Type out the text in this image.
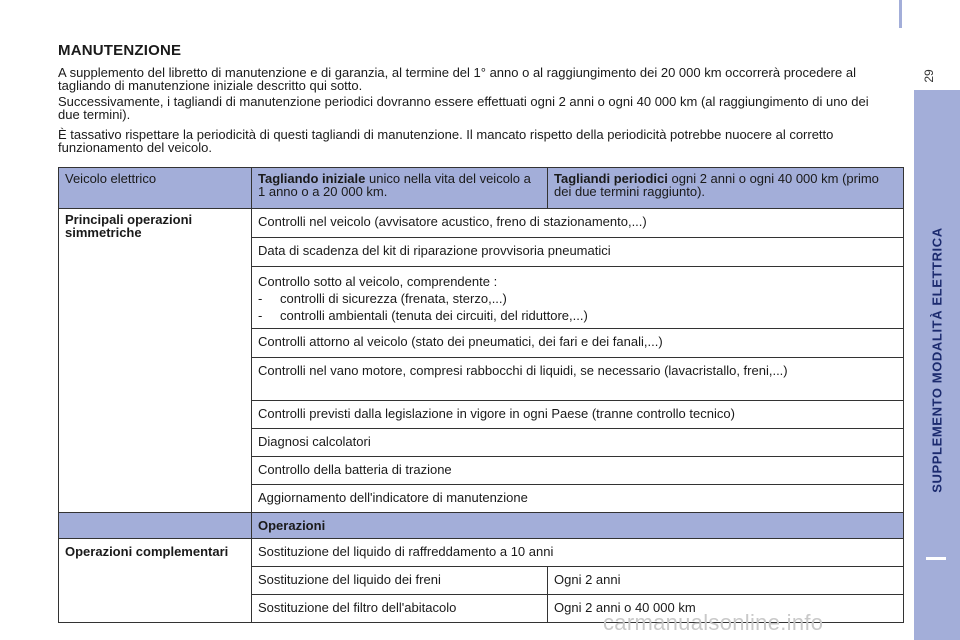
29
SUPPLEMENTO MODALITÀ ELETTRICA
MANUTENZIONE

A supplemento del libretto di manutenzione e di garanzia, al termine del 1° anno o al raggiungimento dei 20 000 km occorrerà procedere al tagliando di manutenzione iniziale descritto qui sotto.

Successivamente, i tagliandi di manutenzione periodici dovranno essere effettuati ogni 2 anni o ogni 40 000 km (al raggiungimento di uno dei due termini).

È tassativo rispettare la periodicità di questi tagliandi di manutenzione. Il mancato rispetto della periodicità potrebbe nuocere al corretto funzionamento del veicolo.

Veicolo elettrico	Tagliando iniziale unico nella vita del veicolo a 1 anno o a 20 000 km.	Tagliandi periodici ogni 2 anni o ogni 40 000 km (primo dei due termini raggiunto).
Principali operazioni simmetriche	Controlli nel veicolo (avvisatore acustico, freno di stazionamento,...)	
	Data di scadenza del kit di riparazione provvisoria pneumatici	

	Controllo sotto al veicolo, comprendente :
- controlli di sicurezza (frenata, sterzo,...)
- controlli ambientali (tenuta dei circuiti, del riduttore,...)	

	Controlli attorno al veicolo (stato dei pneumatici, dei fari e dei fanali,...)	
	Controlli nel vano motore, compresi rabbocchi di liquidi, se necessario (lavacristallo, freni,...)	
	Controlli previsti dalla legislazione in vigore in ogni Paese (tranne controllo tecnico)	
	Diagnosi calcolatori	
	Controllo della batteria di trazione	
	Aggiornamento dell'indicatore di manutenzione	
	Operazioni	
Operazioni complementari	Sostituzione del liquido di raffreddamento a 10 anni	
	Sostituzione del liquido dei freni	Ogni 2 anni
	Sostituzione del filtro dell'abitacolo	Ogni 2 anni o 40 000 km
carmanualsonline.info
